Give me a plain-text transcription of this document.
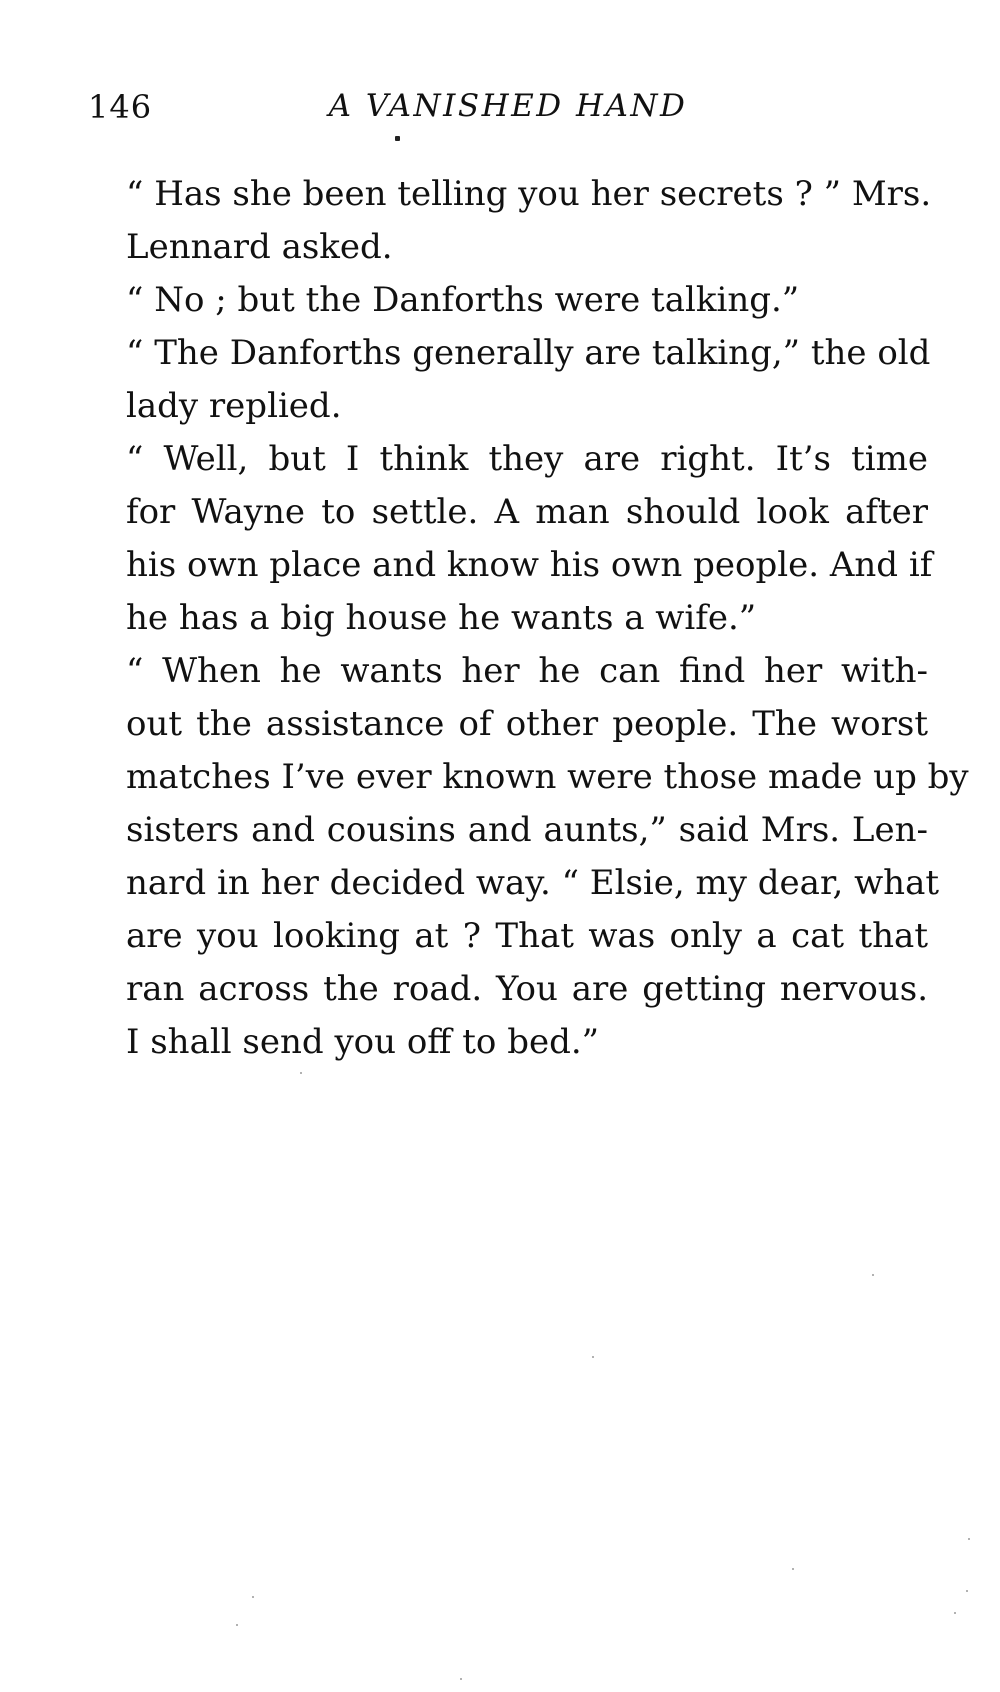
146	A VANISHED HAND

“ Has she been telling you her secrets ? ” Mrs.
Lennard asked.

“ No ; but the Danforths were talking.”

“ The Danforths generally are talking,” the old
lady replied.

“ Well, but I think they are right. It’s time
for Wayne to settle. A man should look after
his own place and know his own people. And if
he has a big house he wants a wife.”

“ When he wants her he can find her with-
out the assistance of other people. The worst
matches I’ve ever known were those made up by
sisters and cousins and aunts,” said Mrs. Len-
nard in her decided way. “ Elsie, my dear, what
are you looking at ? That was only a cat that
ran across the road. You are getting nervous.
I shall send you off to bed.”
